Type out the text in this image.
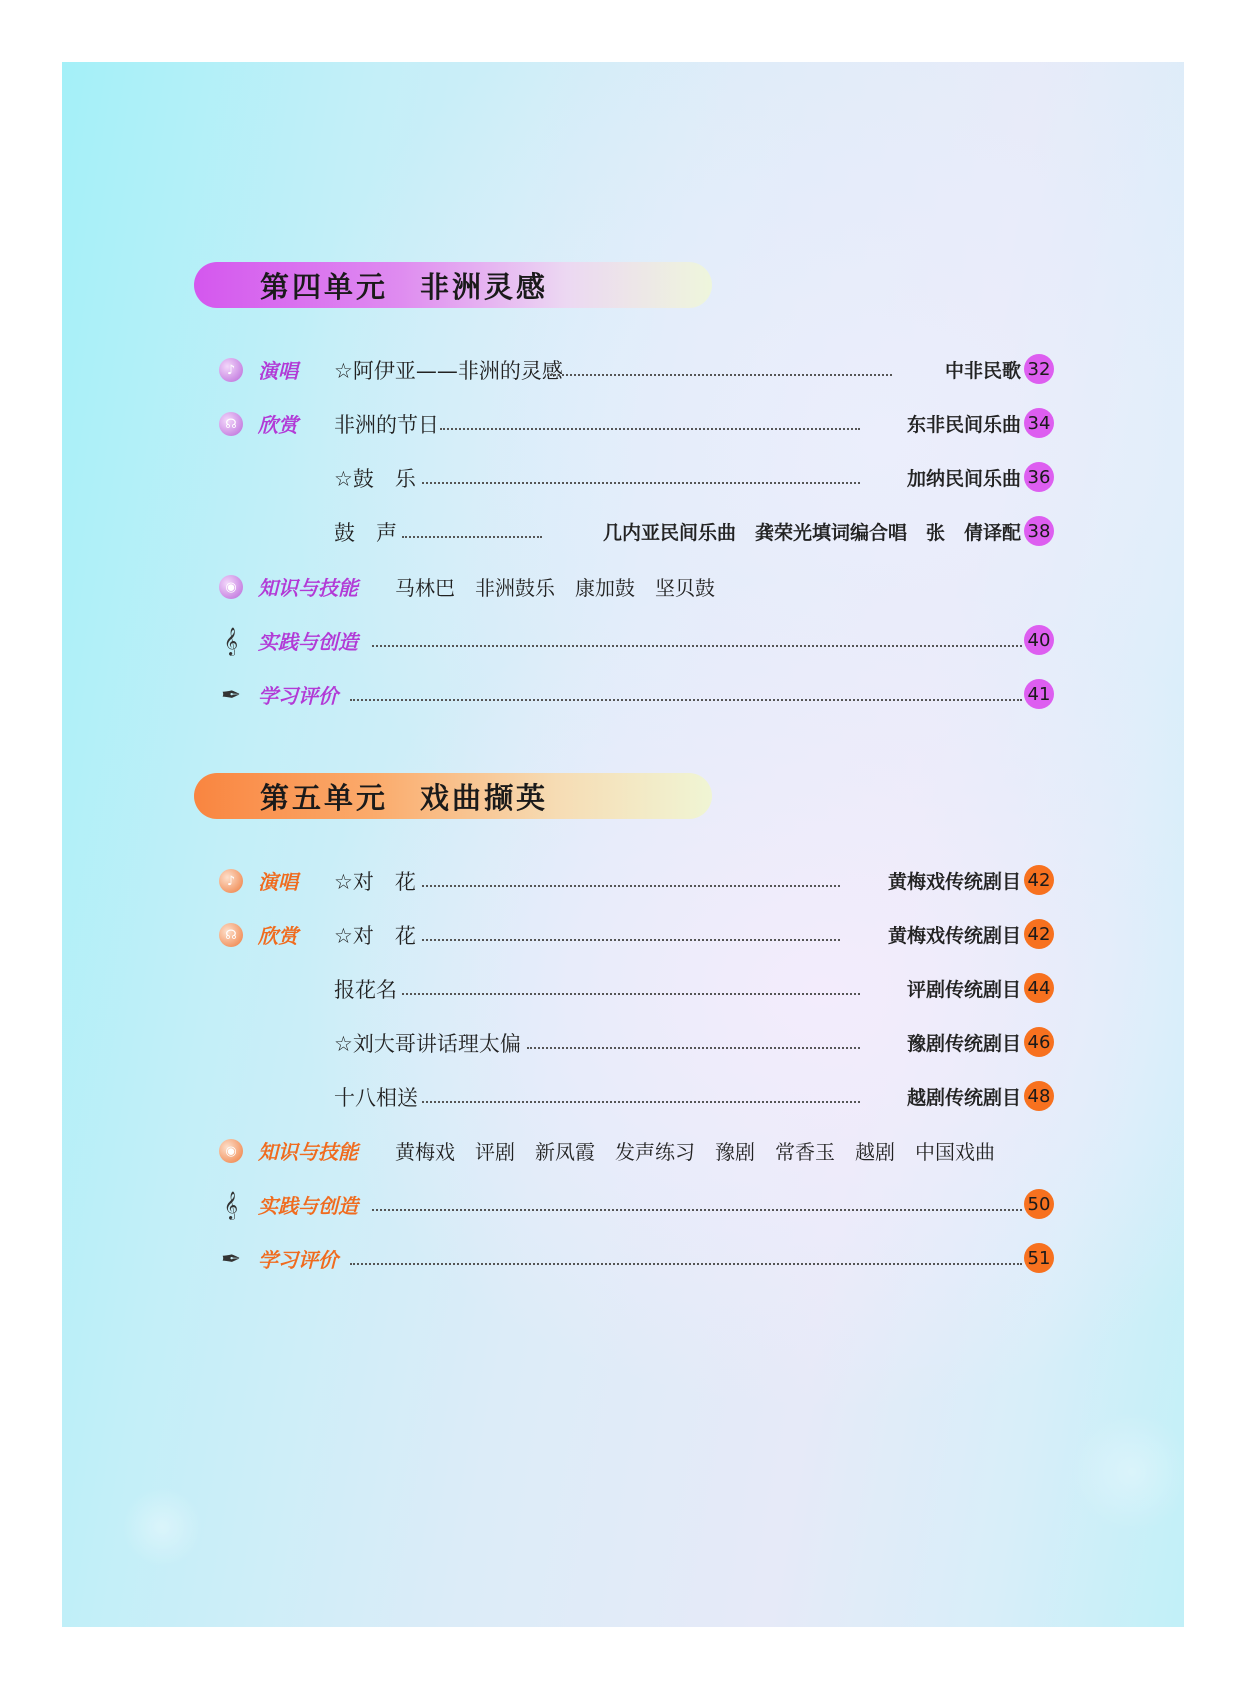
第四单元　非洲灵感
♪	演唱 ☆阿伊亚——非洲的灵感	中非民歌 32
☊	欣赏 非洲的节日	东非民间乐曲 34
☆鼓　乐	加纳民间乐曲 36
鼓　声	几内亚民间乐曲　龚荣光填词编合唱　张　倩译配 38
◉	知识与技能 马林巴　非洲鼓乐　康加鼓　坚贝鼓
𝄞 实践与创造	40
✒ 学习评价	41
第五单元　戏曲撷英
♪	演唱 ☆对　花	黄梅戏传统剧目 42
☊	欣赏 ☆对　花	黄梅戏传统剧目 42
报花名	评剧传统剧目 44
☆刘大哥讲话理太偏	豫剧传统剧目 46
十八相送	越剧传统剧目 48
◉	知识与技能 黄梅戏　评剧　新凤霞　发声练习　豫剧　常香玉　越剧　中国戏曲
𝄞 实践与创造	50
✒ 学习评价	51
